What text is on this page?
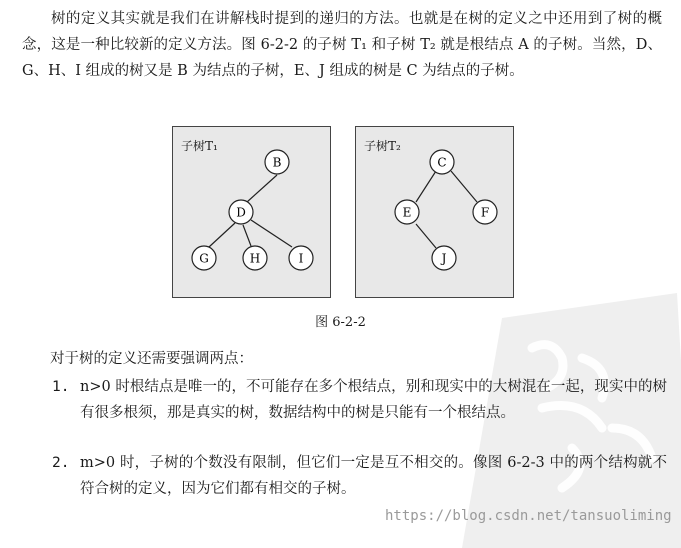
树的定义其实就是我们在讲解栈时提到的递归的方法。也就是在树的定义之中还用到了树的概念，这是一种比较新的定义方法。图 6-2-2 的子树 T₁ 和子树 T₂ 就是根结点 A 的子树。当然，D、G、H、I 组成的树又是 B 为结点的子树，E、J 组成的树是 C 为结点的子树。

B
D
G	H	I
子树T₁
C
E	F
J
子树T₂
图 6-2-2

对于树的定义还需要强调两点：

1. n>0 时根结点是唯一的，不可能存在多个根结点，别和现实中的大树混在一起，现实中的树有很多根须，那是真实的树，数据结构中的树是只能有一个根结点。
2. m>0 时，子树的个数没有限制，但它们一定是互不相交的。像图 6-2-3 中的两个结构就不符合树的定义，因为它们都有相交的子树。
https://blog.csdn.net/tansuoliming
